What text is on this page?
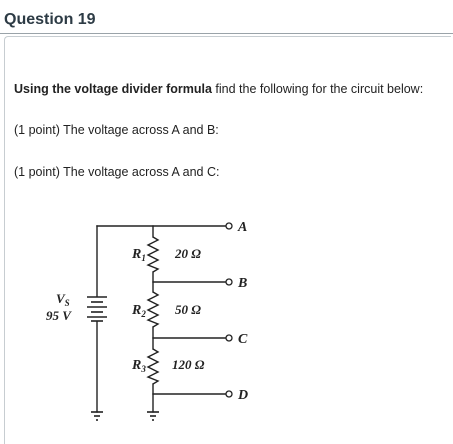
Question 19

Using the voltage divider formula find the following for the circuit below:

(1 point) The voltage across A and B:

(1 point) The voltage across A and C:

A
B
C
D
$R_1$
$R_2$
$R_3$
20 Ω
50 Ω
120 Ω
$V_S$
95 V
